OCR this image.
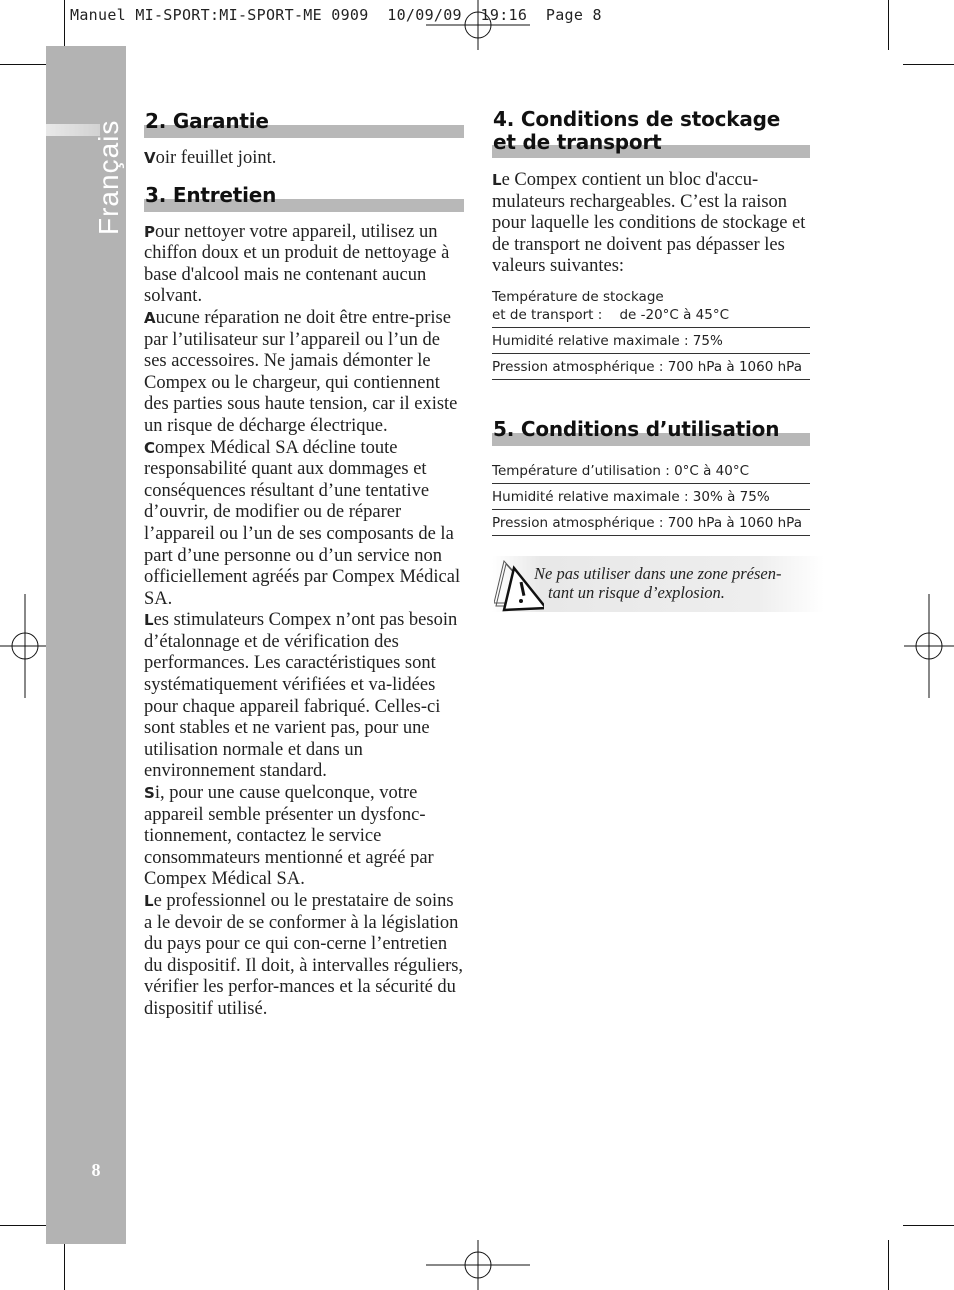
Manuel MI-SPORT:MI-SPORT-ME 0909  10/09/09  19:16  Page 8
Français
8
2. Garantie

Voir feuillet joint.

3. Entretien

Pour nettoyer votre appareil, utilisez un chiffon doux et un produit de nettoyage à base d'alcool mais ne contenant aucun solvant.

Aucune réparation ne doit être entre-prise par l’utilisateur sur l’appareil ou l’un de ses accessoires. Ne jamais démonter le Compex ou le chargeur, qui contiennent des parties sous haute tension, car il existe un risque de décharge électrique.

Compex Médical SA décline toute responsabilité quant aux dommages et conséquences résultant d’une tentative d’ouvrir, de modifier ou de réparer l’appareil ou l’un de ses composants de la part d’une personne ou d’un service non officiellement agréés par Compex Médical SA.

Les stimulateurs Compex n’ont pas besoin d’étalonnage et de vérification des performances. Les caractéristiques sont systématiquement vérifiées et va-lidées pour chaque appareil fabriqué. Celles-ci sont stables et ne varient pas, pour une utilisation normale et dans un environnement standard.

Si, pour une cause quelconque, votre appareil semble présenter un dysfonc-tionnement, contactez le service consommateurs mentionné et agréé par Compex Médical SA.

Le professionnel ou le prestataire de soins a le devoir de se conformer à la législation du pays pour ce qui con-cerne l’entretien du dispositif. Il doit, à intervalles réguliers, vérifier les perfor-mances et la sécurité du dispositif utilisé.

4. Conditions de stockage
et de transport

Le Compex contient un bloc d'accu-mulateurs rechargeables. C’est la raison pour laquelle les conditions de stockage et de transport ne doivent pas dépasser les valeurs suivantes:

Température de stockage
et de transport :    de -20°C à 45°C
Humidité relative maximale : 75%
Pression atmosphérique : 700 hPa à 1060 hPa
5. Conditions d’utilisation
Température d’utilisation : 0°C à 40°C
Humidité relative maximale : 30% à 75%
Pression atmosphérique : 700 hPa à 1060 hPa
Ne pas utiliser dans une zone présen-
tant un risque d’explosion.
